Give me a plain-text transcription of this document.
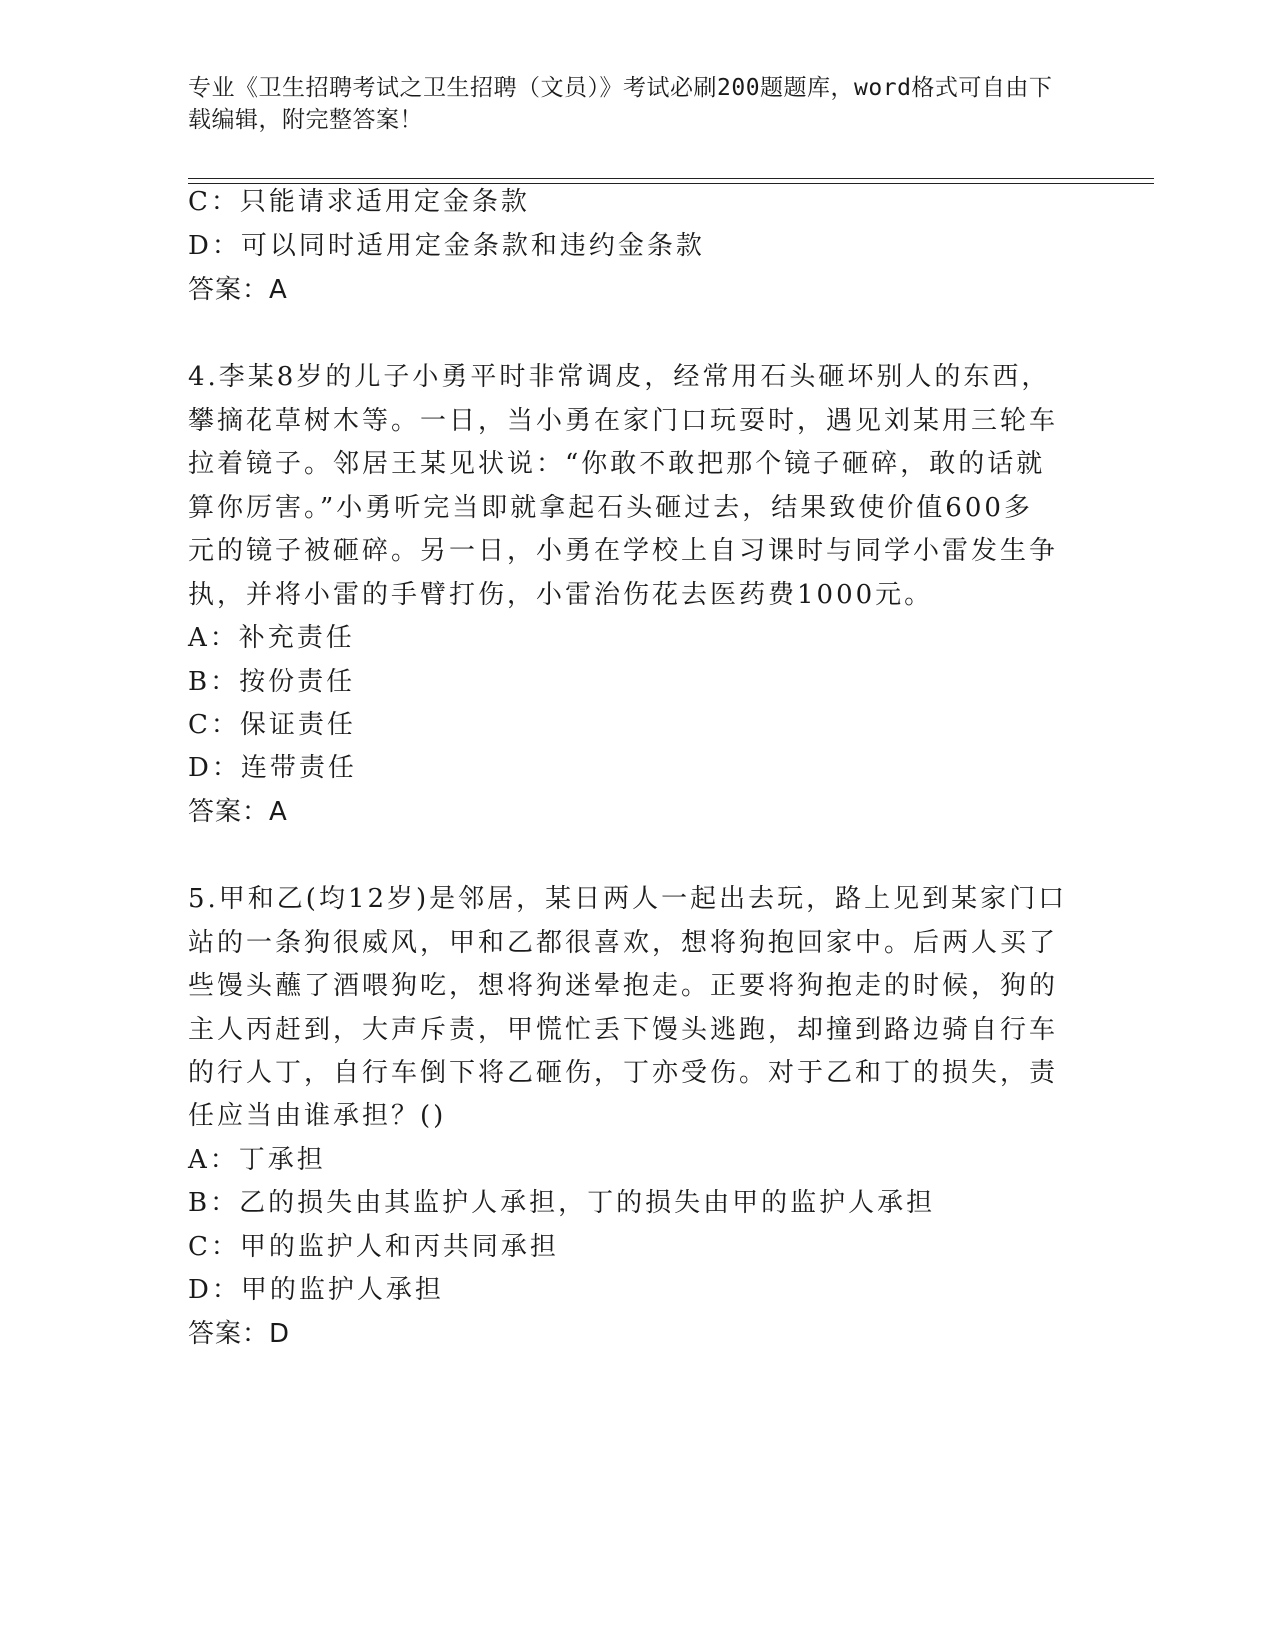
专业《卫生招聘考试之卫生招聘（文员）》考试必刷200题题库，word格式可自由下载编辑，附完整答案！
C：只能请求适用定金条款
D：可以同时适用定金条款和违约金条款
答案：A
4.李某8岁的儿子小勇平时非常调皮，经常用石头砸坏别人的东西，
攀摘花草树木等。一日，当小勇在家门口玩耍时，遇见刘某用三轮车
拉着镜子。邻居王某见状说：“你敢不敢把那个镜子砸碎，敢的话就
算你厉害。”小勇听完当即就拿起石头砸过去，结果致使价值600多
元的镜子被砸碎。另一日，小勇在学校上自习课时与同学小雷发生争
执，并将小雷的手臂打伤，小雷治伤花去医药费1000元。
A：补充责任
B：按份责任
C：保证责任
D：连带责任
答案：A
5.甲和乙(均12岁)是邻居，某日两人一起出去玩，路上见到某家门口
站的一条狗很威风，甲和乙都很喜欢，想将狗抱回家中。后两人买了
些馒头蘸了酒喂狗吃，想将狗迷晕抱走。正要将狗抱走的时候，狗的
主人丙赶到，大声斥责，甲慌忙丢下馒头逃跑，却撞到路边骑自行车
的行人丁，自行车倒下将乙砸伤，丁亦受伤。对于乙和丁的损失，责
任应当由谁承担？()
A：丁承担
B：乙的损失由其监护人承担，丁的损失由甲的监护人承担
C：甲的监护人和丙共同承担
D：甲的监护人承担
答案：D
